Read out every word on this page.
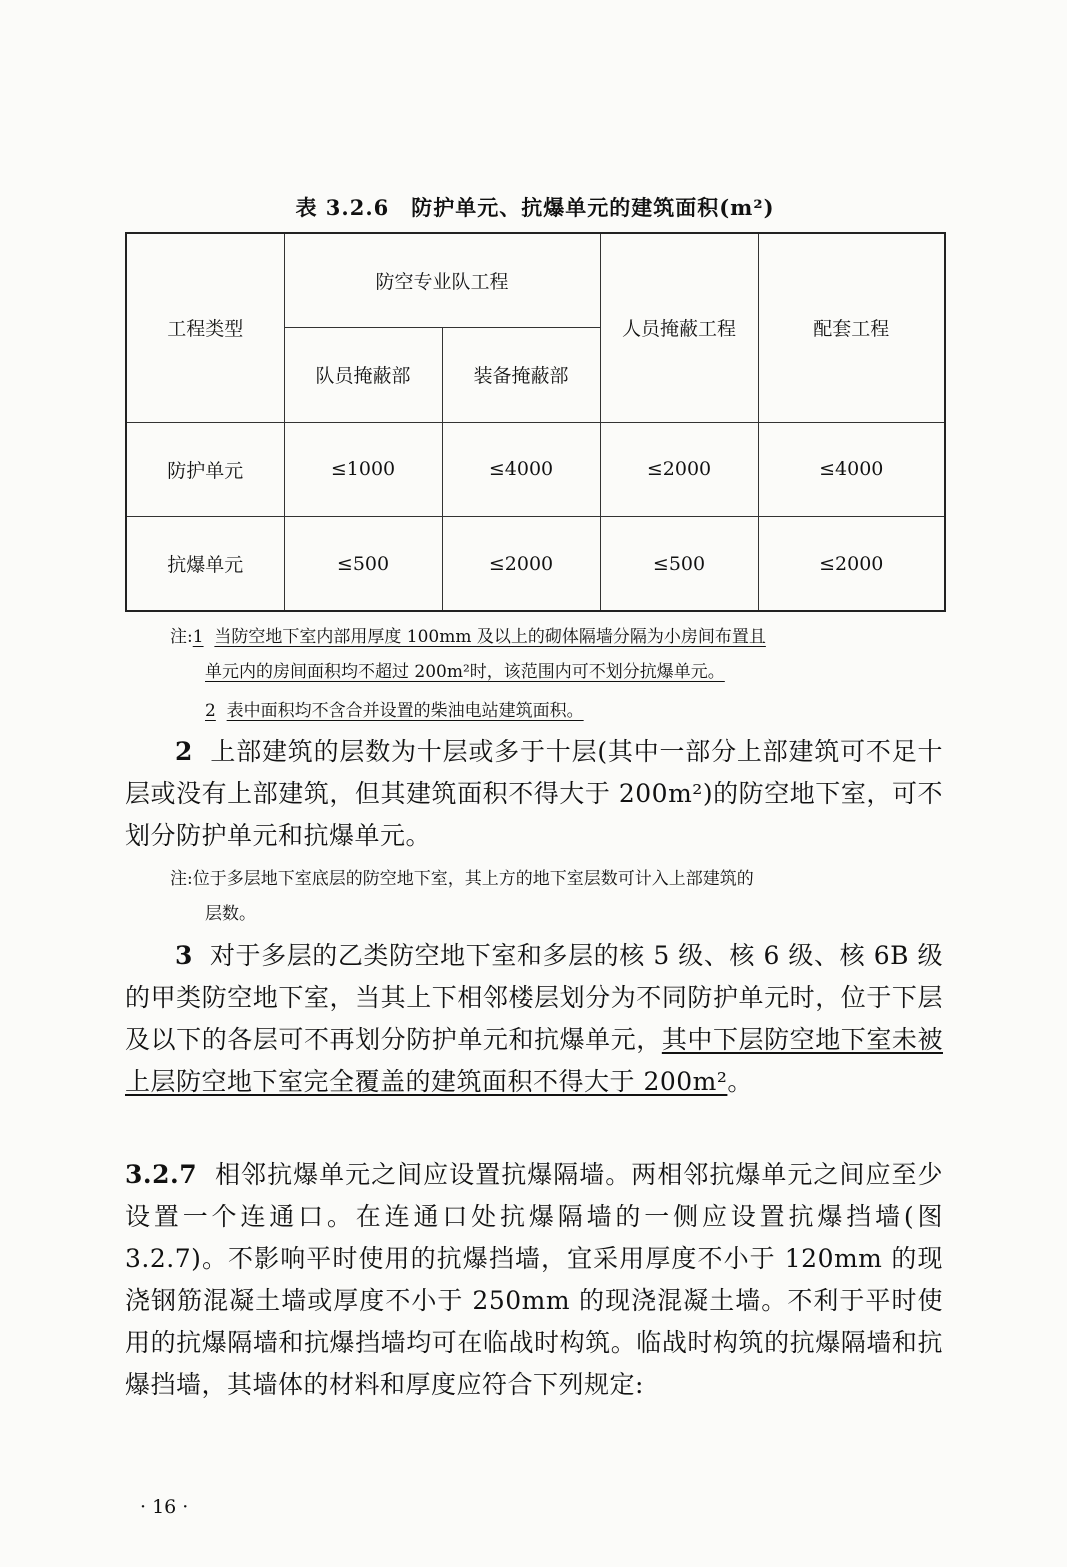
表 3.2.6　防护单元、抗爆单元的建筑面积(m²)
工程类型	防空专业队工程		人员掩蔽工程	配套工程
	队员掩蔽部	装备掩蔽部		
防护单元	≤1000	≤4000	≤2000	≤4000
抗爆单元	≤500	≤2000	≤500	≤2000
注:1 当防空地下室内部用厚度 100mm 及以上的砌体隔墙分隔为小房间布置且
单元内的房间面积均不超过 200m²时，该范围内可不划分抗爆单元。
2 表中面积均不含合并设置的柴油电站建筑面积。
2 上部建筑的层数为十层或多于十层(其中一部分上部建筑可不足十层或没有上部建筑，但其建筑面积不得大于 200m²)的防空地下室，可不划分防护单元和抗爆单元。
注:位于多层地下室底层的防空地下室，其上方的地下室层数可计入上部建筑的
层数。
3 对于多层的乙类防空地下室和多层的核 5 级、核 6 级、核 6B 级的甲类防空地下室，当其上下相邻楼层划分为不同防护单元时，位于下层及以下的各层可不再划分防护单元和抗爆单元，其中下层防空地下室未被上层防空地下室完全覆盖的建筑面积不得大于 200m²。
3.2.7 相邻抗爆单元之间应设置抗爆隔墙。两相邻抗爆单元之间应至少设置一个连通口。在连通口处抗爆隔墙的一侧应设置抗爆挡墙(图 3.2.7)。不影响平时使用的抗爆挡墙，宜采用厚度不小于 120mm 的现浇钢筋混凝土墙或厚度不小于 250mm 的现浇混凝土墙。不利于平时使用的抗爆隔墙和抗爆挡墙均可在临战时构筑。临战时构筑的抗爆隔墙和抗爆挡墙，其墙体的材料和厚度应符合下列规定:
· 16 ·
